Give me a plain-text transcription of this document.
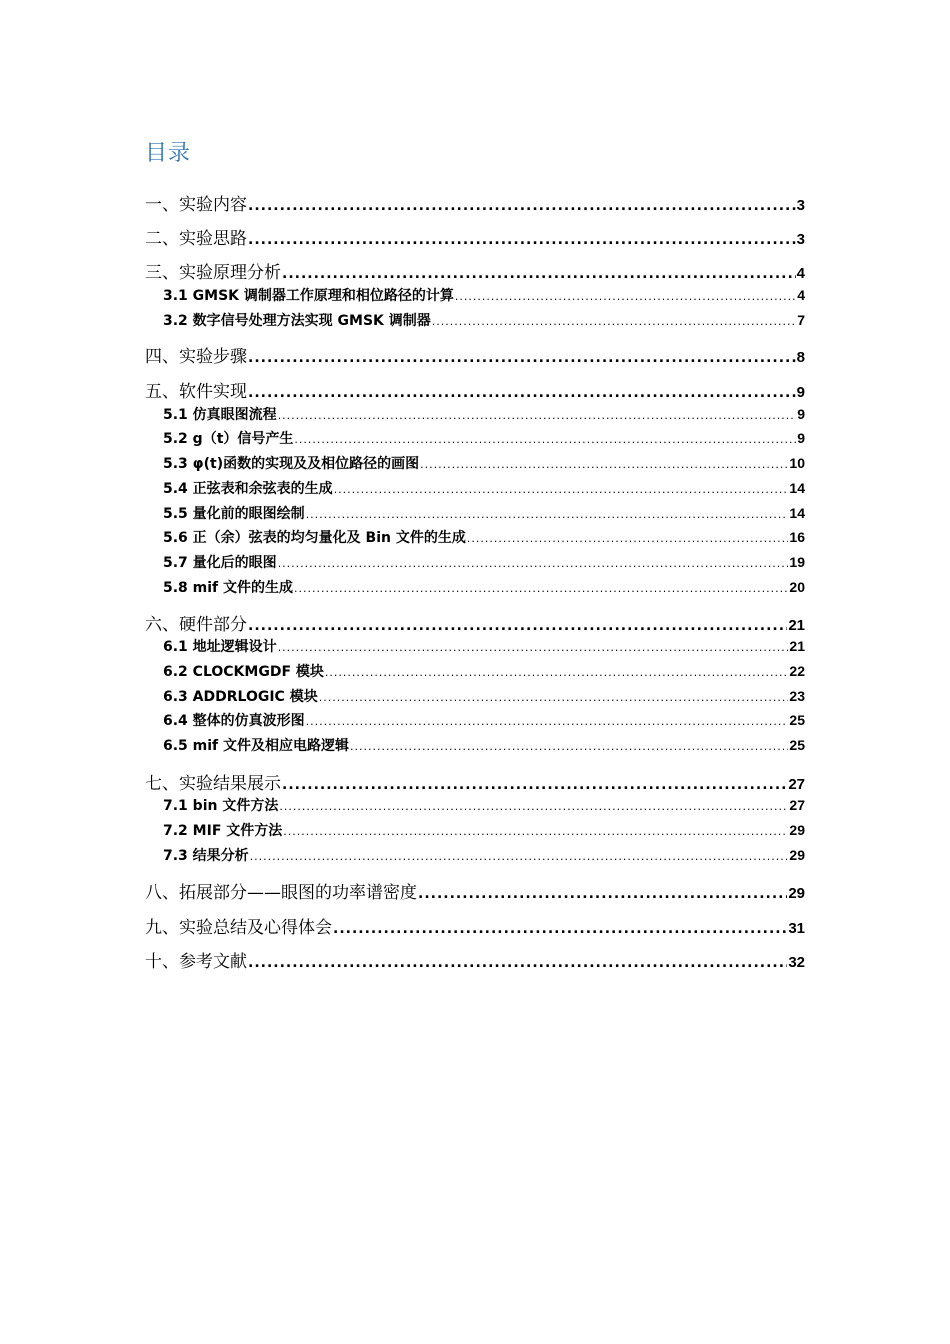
目录
一、实验内容 .....	3
二、实验思路 .....	3
三、实验原理分析 .....	4
3.1 GMSK 调制器工作原理和相位路径的计算 .....	4
3.2 数字信号处理方法实现 GMSK 调制器 .....	7
四、实验步骤 .....	8
五、软件实现 .....	9
5.1 仿真眼图流程 .....	9
5.2 g（t）信号产生 .....	9
5.3 φ(t)函数的实现及及相位路径的画图 .....	10
5.4 正弦表和余弦表的生成 .....	14
5.5 量化前的眼图绘制 .....	14
5.6 正（余）弦表的均匀量化及 Bin 文件的生成 .....	16
5.7 量化后的眼图 .....	19
5.8 mif 文件的生成 .....	20
六、硬件部分 .....	21
6.1 地址逻辑设计 .....	21
6.2 CLOCKMGDF 模块 .....	22
6.3 ADDRLOGIC 模块 .....	23
6.4 整体的仿真波形图 .....	25
6.5 mif 文件及相应电路逻辑 .....	25
七、实验结果展示 .....	27
7.1 bin 文件方法 .....	27
7.2 MIF 文件方法 .....	29
7.3 结果分析 .....	29
八、拓展部分——眼图的功率谱密度 .....	29
九、实验总结及心得体会 .....	31
十、参考文献 .....	32
